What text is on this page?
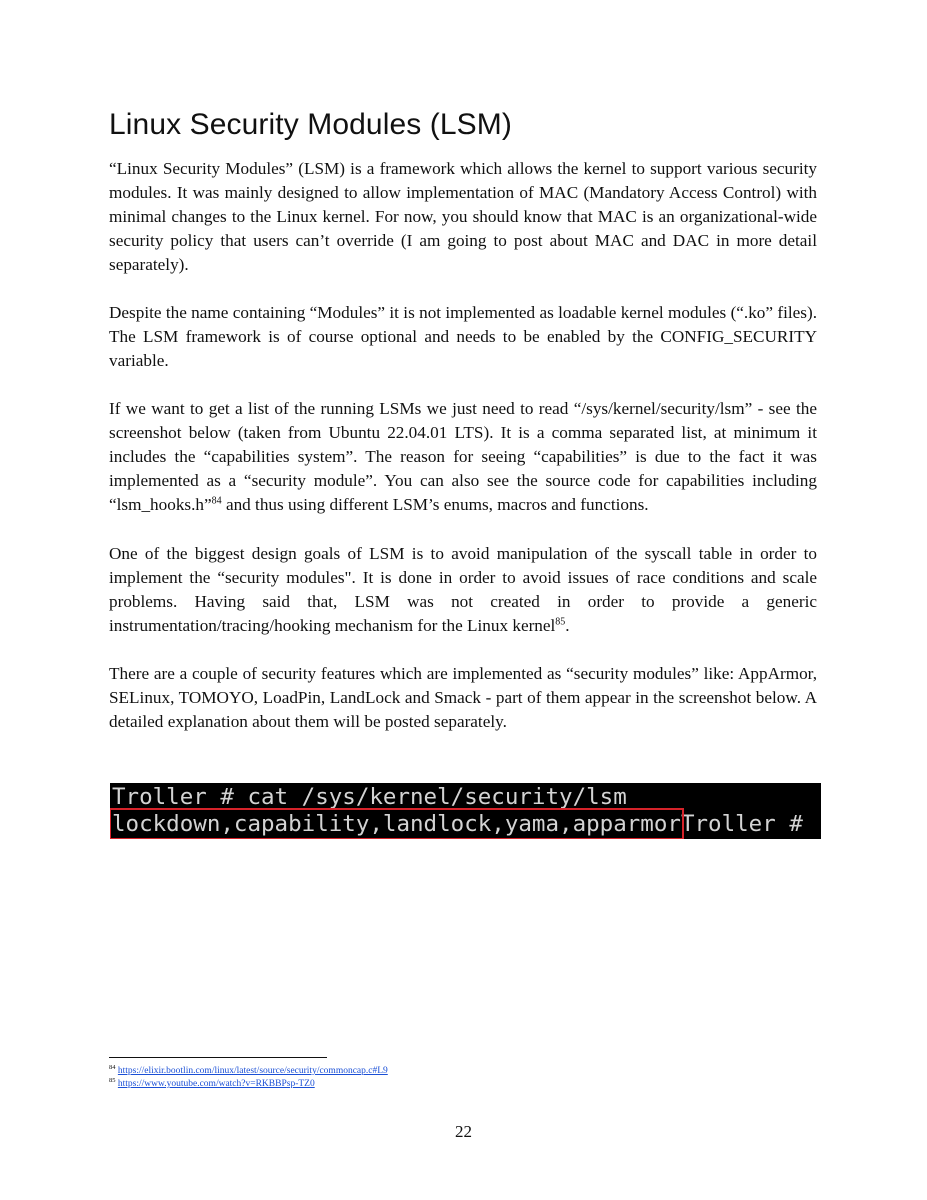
Linux Security Modules (LSM)

“Linux Security Modules” (LSM) is a framework which allows the kernel to support various security modules. It was mainly designed to allow implementation of MAC (Mandatory Access Control) with minimal changes to the Linux kernel. For now, you should know that MAC is an organizational-wide security policy that users can’t override (I am going to post about MAC and DAC in more detail separately).

Despite the name containing “Modules” it is not implemented as loadable kernel modules (“.ko” files). The LSM framework is of course optional and needs to be enabled by the CONFIG_SECURITY variable.

If we want to get a list of the running LSMs we just need to read “/sys/kernel/security/lsm” - see the screenshot below (taken from Ubuntu 22.04.01 LTS). It is a comma separated list, at minimum it includes the “capabilities system”. The reason for seeing “capabilities” is due to the fact it was implemented as a “security module”. You can also see the source code for capabilities including “lsm_hooks.h”$^{84}$ and thus using different LSM’s enums, macros and functions.

One of the biggest design goals of LSM is to avoid manipulation of the syscall table in order to implement the “security modules". It is done in order to avoid issues of race conditions and scale problems. Having said that, LSM was not created in order to provide a generic instrumentation/tracing/hooking mechanism for the Linux kernel$^{85}$.

There are a couple of security features which are implemented as “security modules” like: AppArmor, SELinux, TOMOYO, LoadPin, LandLock and Smack - part of them appear in the screenshot below. A detailed explanation about them will be posted separately.

Troller # cat /sys/kernel/security/lsm
lockdown,capability,landlock,yama,apparmorTroller #

$^{84}$ https://elixir.bootlin.com/linux/latest/source/security/commoncap.c#L9

$^{85}$ https://www.youtube.com/watch?v=RKBBPsp-TZ0

22
